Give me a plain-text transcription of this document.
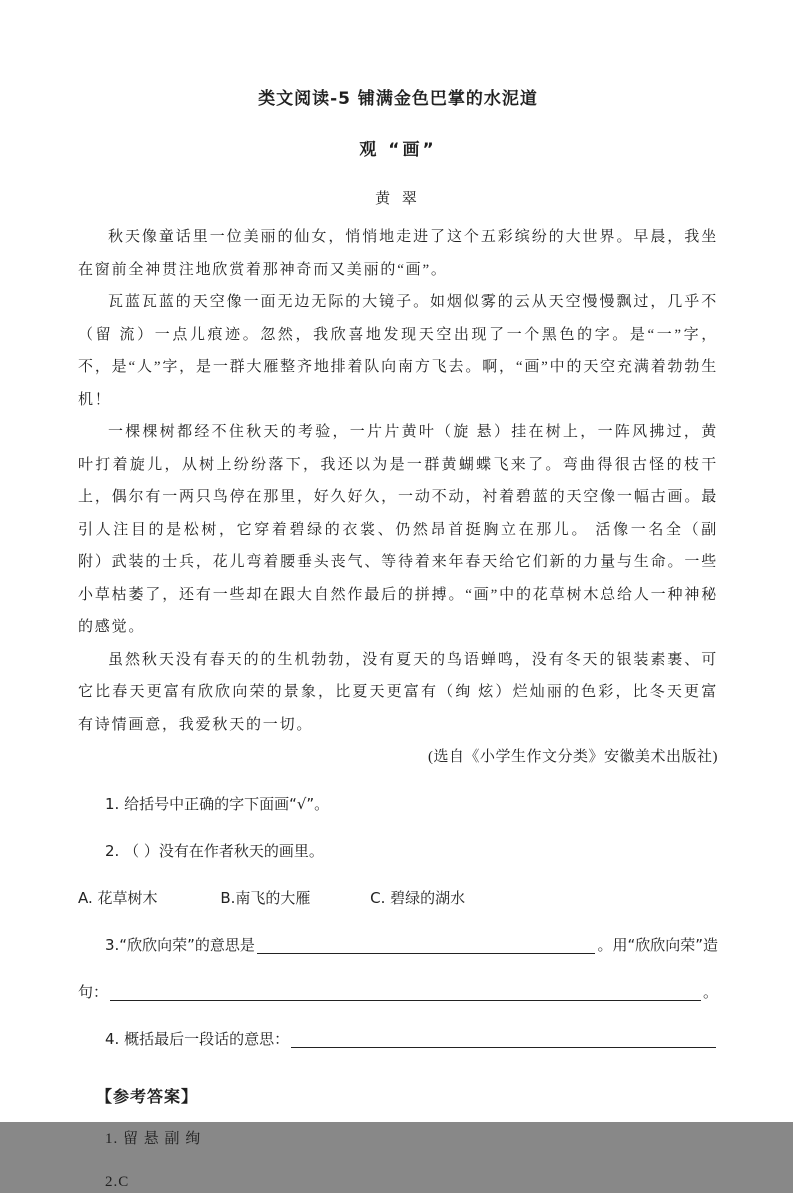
类文阅读-5 铺满金色巴掌的水泥道
观 “画”
黄 翠

秋天像童话里一位美丽的仙女，悄悄地走进了这个五彩缤纷的大世界。早晨，我坐在窗前全神贯注地欣赏着那神奇而又美丽的“画”。

瓦蓝瓦蓝的天空像一面无边无际的大镜子。如烟似雾的云从天空慢慢飘过，几乎不（留 流）一点儿痕迹。忽然，我欣喜地发现天空出现了一个黑色的字。是“一”字，不，是“人”字，是一群大雁整齐地排着队向南方飞去。啊，“画”中的天空充满着勃勃生机！

一棵棵树都经不住秋天的考验，一片片黄叶（旋 悬）挂在树上，一阵风拂过，黄叶打着旋儿，从树上纷纷落下，我还以为是一群黄蝴蝶飞来了。弯曲得很古怪的枝干上，偶尔有一两只鸟停在那里，好久好久，一动不动，衬着碧蓝的天空像一幅古画。最引人注目的是松树，它穿着碧绿的衣裳、仍然昂首挺胸立在那儿。 活像一名全（副 附）武装的士兵，花儿弯着腰垂头丧气、等待着来年春天给它们新的力量与生命。一些小草枯萎了，还有一些却在跟大自然作最后的拼搏。“画”中的花草树木总给人一种神秘的感觉。

虽然秋天没有春天的的生机勃勃，没有夏天的鸟语蝉鸣，没有冬天的银装素裹、可它比春天更富有欣欣向荣的景象，比夏天更富有（绚 炫）烂灿丽的色彩，比冬天更富有诗情画意，我爱秋天的一切。

(选自《小学生作文分类》安徽美术出版社)

1. 给括号中正确的字下面画“√”。
2. （ ）没有在作者秋天的画里。
A. 花草树木	B.南飞的大雁	C. 碧绿的湖水
3.“欣欣向荣”的意思是	。用“欣欣向荣”造
句：	。
4. 概括最后一段话的意思：
【参考答案】
1. 留 悬 副 绚
2.C
